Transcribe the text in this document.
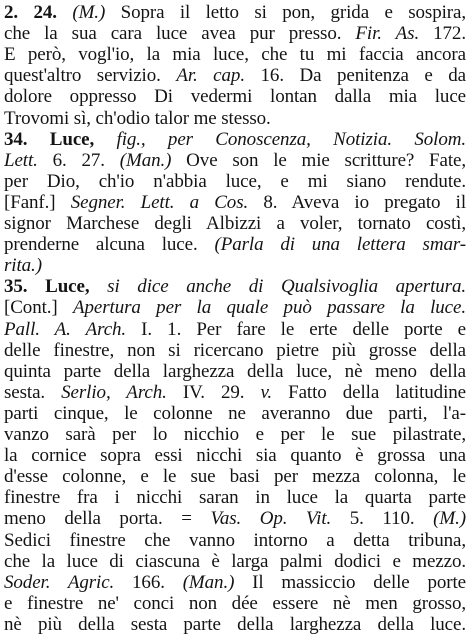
2. 24. (M.) Sopra il letto si pon, grida e sospira,
che la sua cara luce avea pur presso. Fir. As. 172.
E però, vogl'io, la mia luce, che tu mi faccia ancora
quest'altro servizio. Ar. cap. 16. Da penitenza e da
dolore oppresso Di vedermi lontan dalla mia luce
Trovomi sì, ch'odio talor me stesso.
34. Luce, fig., per Conoscenza, Notizia. Solom.
Lett. 6. 27. (Man.) Ove son le mie scritture? Fate,
per Dio, ch'io n'abbia luce, e mi siano rendute.
[Fanf.] Segner. Lett. a Cos. 8. Aveva io pregato il
signor Marchese degli Albizzi a voler, tornato costì,
prenderne alcuna luce. (Parla di una lettera smar-
rita.)
35. Luce, si dice anche di Qualsivoglia apertura.
[Cont.] Apertura per la quale può passare la luce.
Pall. A. Arch. I. 1. Per fare le erte delle porte e
delle finestre, non si ricercano pietre più grosse della
quinta parte della larghezza della luce, nè meno della
sesta. Serlio, Arch. IV. 29. v. Fatto della latitudine
parti cinque, le colonne ne averanno due parti, l'a-
vanzo sarà per lo nicchio e per le sue pilastrate,
la cornice sopra essi nicchi sia quanto è grossa una
d'esse colonne, e le sue basi per mezza colonna, le
finestre fra i nicchi saran in luce la quarta parte
meno della porta. = Vas. Op. Vit. 5. 110. (M.)
Sedici finestre che vanno intorno a detta tribuna,
che la luce di ciascuna è larga palmi dodici e mezzo.
Soder. Agric. 166. (Man.) Il massiccio delle porte
e finestre ne' conci non dée essere nè men grosso,
nè più della sesta parte della larghezza della luce.
